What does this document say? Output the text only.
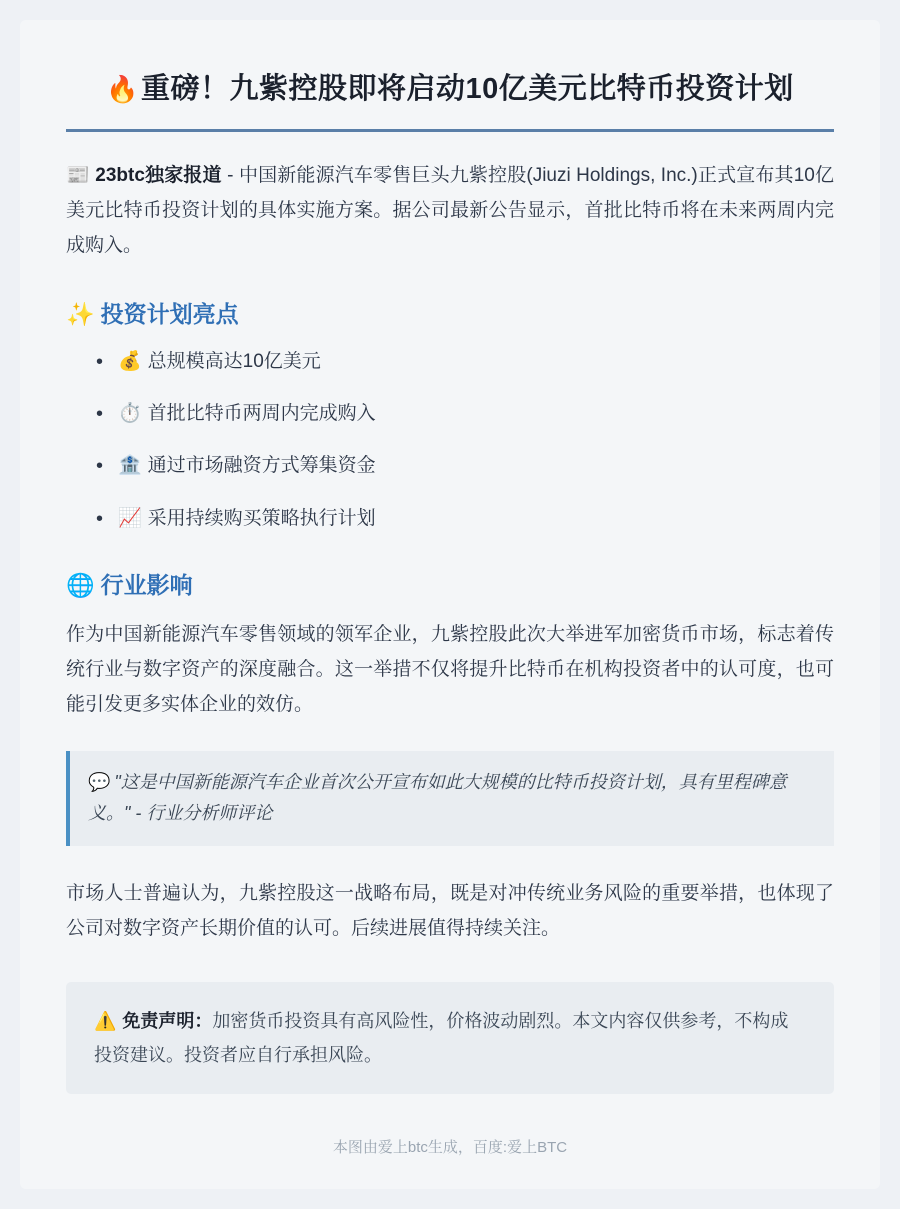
🔥重磅！九紫控股即将启动10亿美元比特币投资计划

📰 23btc独家报道 - 中国新能源汽车零售巨头九紫控股(Jiuzi Holdings, Inc.)正式宣布其10亿美元比特币投资计划的具体实施方案。据公司最新公告显示，首批比特币将在未来两周内完成购入。

✨ 投资计划亮点
• 💰 总规模高达10亿美元
• ⏱️ 首批比特币两周内完成购入
• 🏦 通过市场融资方式筹集资金
• 📈 采用持续购买策略执行计划
🌐 行业影响

作为中国新能源汽车零售领域的领军企业，九紫控股此次大举进军加密货币市场，标志着传统行业与数字资产的深度融合。这一举措不仅将提升比特币在机构投资者中的认可度，也可能引发更多实体企业的效仿。

💬 "这是中国新能源汽车企业首次公开宣布如此大规模的比特币投资计划，具有里程碑意义。" - 行业分析师评论

市场人士普遍认为，九紫控股这一战略布局，既是对冲传统业务风险的重要举措，也体现了公司对数字资产长期价值的认可。后续进展值得持续关注。

⚠️ 免责声明：加密货币投资具有高风险性，价格波动剧烈。本文内容仅供参考，不构成投资建议。投资者应自行承担风险。
本图由爱上btc生成，百度:爱上BTC
